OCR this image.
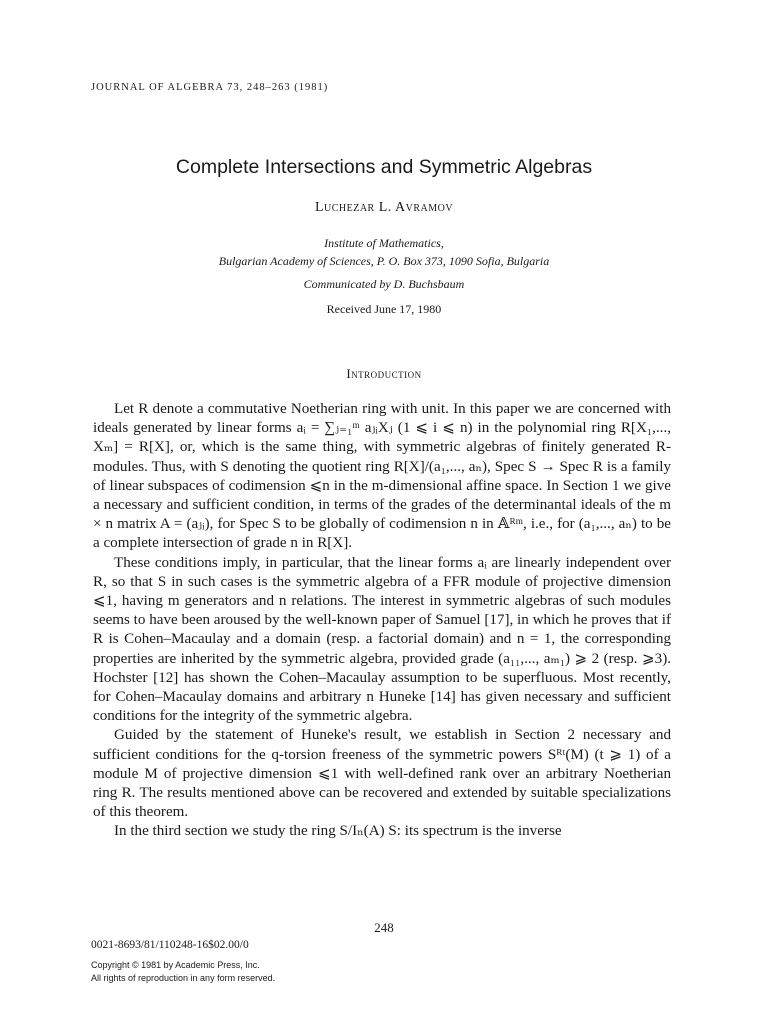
JOURNAL OF ALGEBRA 73, 248–263 (1981)
Complete Intersections and Symmetric Algebras
Luchezar L. Avramov
Institute of Mathematics,
Bulgarian Academy of Sciences, P. O. Box 373, 1090 Sofia, Bulgaria
Communicated by D. Buchsbaum
Received June 17, 1980
Introduction

Let R denote a commutative Noetherian ring with unit. In this paper we are concerned with ideals generated by linear forms aᵢ = ∑ⱼ₌₁ᵐ aⱼᵢXⱼ (1 ⩽ i ⩽ n) in the polynomial ring R[X₁,..., Xₘ] = R[X], or, which is the same thing, with symmetric algebras of finitely generated R-modules. Thus, with S denoting the quotient ring R[X]/(a₁,..., aₙ), Spec S → Spec R is a family of linear subspaces of codimension ⩽n in the m-dimensional affine space. In Section 1 we give a necessary and sufficient condition, in terms of the grades of the determinantal ideals of the m × n matrix A = (aⱼᵢ), for Spec S to be globally of codimension n in 𝔸ᴿᵐ, i.e., for (a₁,..., aₙ) to be a complete intersection of grade n in R[X].

These conditions imply, in particular, that the linear forms aᵢ are linearly independent over R, so that S in such cases is the symmetric algebra of a FFR module of projective dimension ⩽1, having m generators and n relations. The interest in symmetric algebras of such modules seems to have been aroused by the well-known paper of Samuel [17], in which he proves that if R is Cohen–Macaulay and a domain (resp. a factorial domain) and n = 1, the corresponding properties are inherited by the symmetric algebra, provided grade (a₁₁,..., aₘ₁) ⩾ 2 (resp. ⩾3). Hochster [12] has shown the Cohen–Macaulay assumption to be superfluous. Most recently, for Cohen–Macaulay domains and arbitrary n Huneke [14] has given necessary and sufficient conditions for the integrity of the symmetric algebra.

Guided by the statement of Huneke's result, we establish in Section 2 necessary and sufficient conditions for the q-torsion freeness of the symmetric powers Sᴿᵗ(M) (t ⩾ 1) of a module M of projective dimension ⩽1 with well-defined rank over an arbitrary Noetherian ring R. The results mentioned above can be recovered and extended by suitable specializations of this theorem.

In the third section we study the ring S/Iₙ(A) S: its spectrum is the inverse

248
0021-8693/81/110248-16$02.00/0
Copyright © 1981 by Academic Press, Inc.
All rights of reproduction in any form reserved.
